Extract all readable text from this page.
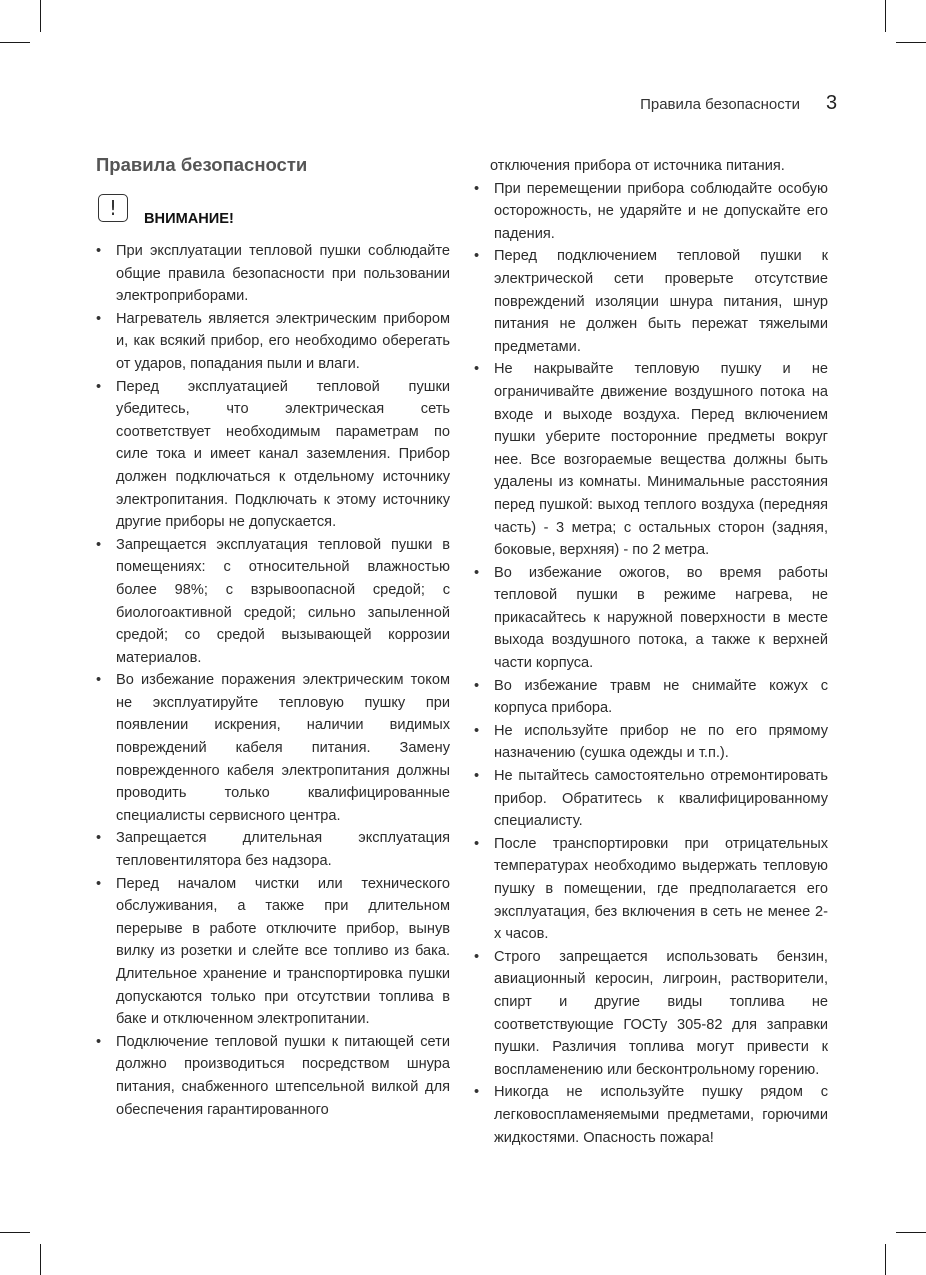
Правила безопасности 3
Правила безопасности
!	ВНИМАНИЕ!
• При эксплуатации тепловой пушки соблюдайте общие правила безопасности при пользовании электроприборами.
• Нагреватель является электрическим прибором и, как всякий прибор, его необходимо оберегать от ударов, попадания пыли и влаги.
• Перед эксплуатацией тепловой пушки убедитесь, что электрическая сеть соответствует необходимым параметрам по силе тока и имеет канал заземления. Прибор должен подключаться к отдельному источнику электропитания. Подключать к этому источнику другие приборы не допускается.
• Запрещается эксплуатация тепловой пушки в помещениях: с относительной влажностью более 98%; с взрывоопасной средой; с биологоактивной средой; сильно запыленной средой; со средой вызывающей коррозии материалов.
• Во избежание поражения электрическим током не эксплуатируйте тепловую пушку при появлении искрения, наличии видимых повреждений кабеля питания. Замену поврежденного кабеля электропитания должны проводить только квалифицированные специалисты сервисного центра.
• Запрещается длительная эксплуатация тепловентилятора без надзора.
• Перед началом чистки или технического обслуживания, а также при длительном перерыве в работе отключите прибор, вынув вилку из розетки и слейте все топливо из бака. Длительное хранение и транспортировка пушки допускаются только при отсутствии топлива в баке и отключенном электропитании.
• Подключение тепловой пушки к питающей сети должно производиться посредством шнура питания, снабженного штепсельной вилкой для обеспечения гарантированного

отключения прибора от источника питания.

• При перемещении прибора соблюдайте особую осторожность, не ударяйте и не допускайте его падения.
• Перед подключением тепловой пушки к электрической сети проверьте отсутствие повреждений изоляции шнура питания, шнур питания не должен быть пережат тяжелыми предметами.
• Не накрывайте тепловую пушку и не ограничивайте движение воздушного потока на входе и выходе воздуха. Перед включением пушки уберите посторонние предметы вокруг нее. Все возгораемые вещества должны быть удалены из комнаты. Минимальные расстояния перед пушкой: выход теплого воздуха (передняя часть) - 3 метра; с остальных сторон (задняя, боковые, верхняя) - по 2 метра.
• Во избежание ожогов, во время работы тепловой пушки в режиме нагрева, не прикасайтесь к наружной поверхности в месте выхода воздушного потока, а также к верхней части корпуса.
• Во избежание травм не снимайте кожух с корпуса прибора.
• Не используйте прибор не по его прямому назначению (сушка одежды и т.п.).
• Не пытайтесь самостоятельно отремонтировать прибор. Обратитесь к квалифицированному специалисту.
• После транспортировки при отрицательных температурах необходимо выдержать тепловую пушку в помещении, где предполагается его эксплуатация, без включения в сеть не менее 2-х часов.
• Строго запрещается использовать бензин, авиационный керосин, лигроин, растворители, спирт и другие виды топлива не соответствующие ГОСТу 305-82 для заправки пушки. Различия топлива могут привести к воспламенению или бесконтрольному горению.
• Никогда не используйте пушку рядом с легковоспламеняемыми предметами, горючими жидкостями. Опасность пожара!
